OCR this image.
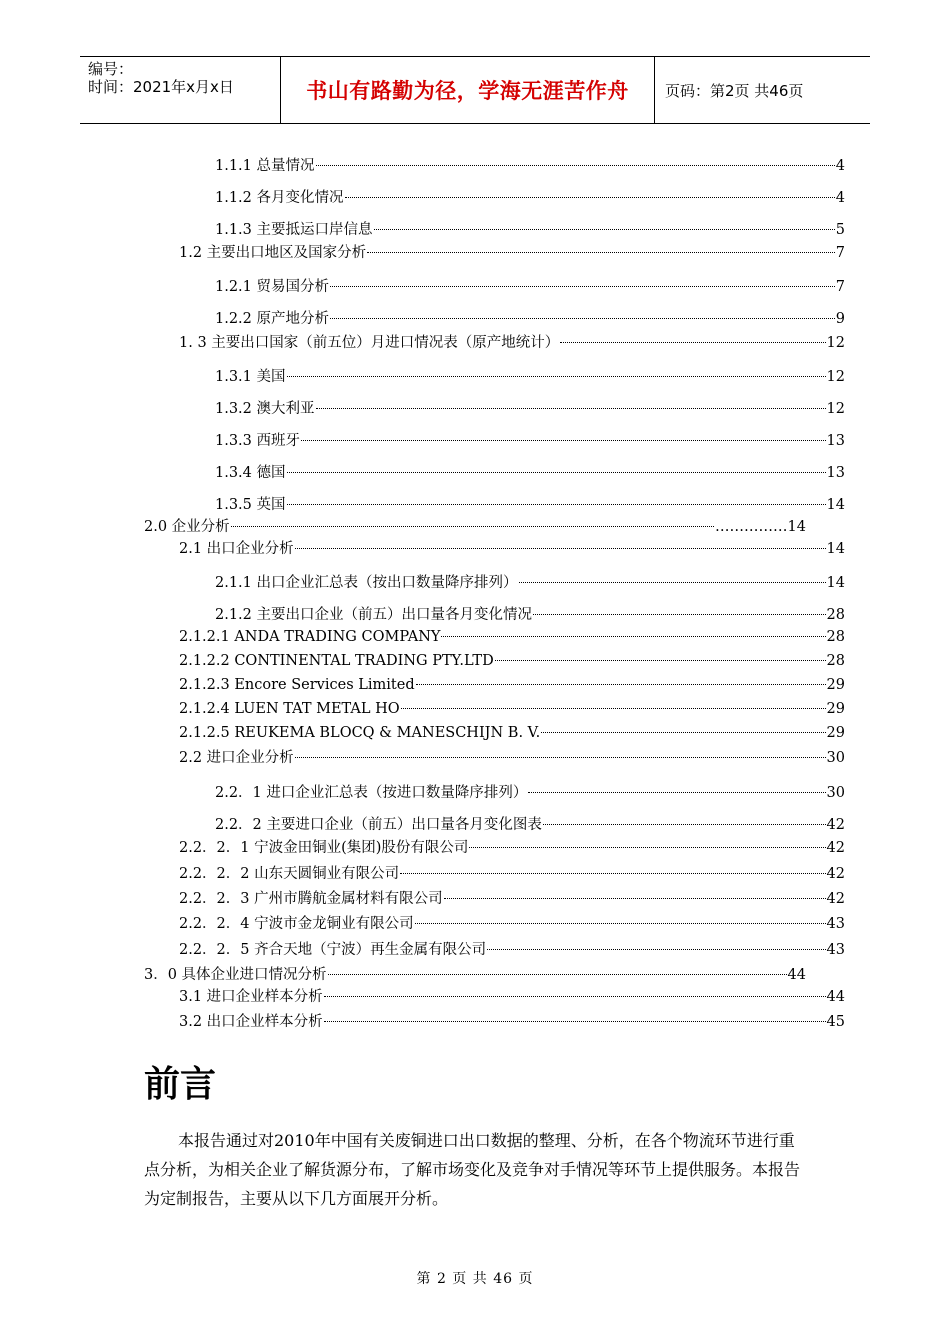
编号：
时间：2021年x月x日	书山有路勤为径，学海无涯苦作舟	页码：第2页 共46页
1.1.1 总量情况	4
1.1.2 各月变化情况	4
1.1.3 主要抵运口岸信息	5
1.2 主要出口地区及国家分析	7
1.2.1 贸易国分析	7
1.2.2 原产地分析	9
1. 3 主要出口国家（前五位）月进口情况表（原产地统计）	12
1.3.1 美国	12
1.3.2 澳大利亚	12
1.3.3 西班牙	13
1.3.4 德国	13
1.3.5 英国	14
2.0 企业分析	……………14
2.1 出口企业分析	14
2.1.1 出口企业汇总表（按出口数量降序排列）	14
2.1.2 主要出口企业（前五）出口量各月变化情况	28
2.1.2.1 ANDA TRADING COMPANY	28
2.1.2.2 CONTINENTAL TRADING PTY.LTD	28
2.1.2.3 Encore Services Limited	29
2.1.2.4 LUEN TAT METAL HO	29
2.1.2.5 REUKEMA BLOCQ & MANESCHIJN B. V.	29
2.2 进口企业分析	30
2.2．1 进口企业汇总表（按进口数量降序排列）	30
2.2．2 主要进口企业（前五）出口量各月变化图表	42
2.2．2．1 宁波金田铜业(集团)股份有限公司	42
2.2．2．2 山东天圆铜业有限公司	42
2.2．2．3 广州市腾航金属材料有限公司	42
2.2．2．4 宁波市金龙铜业有限公司	43
2.2．2．5 齐合天地（宁波）再生金属有限公司	43
3．0 具体企业进口情况分析	44
3.1 进口企业样本分析	44
3.2 出口企业样本分析	45
前言
本报告通过对2010年中国有关废铜进口出口数据的整理、分析，在各个物流环节进行重点分析，为相关企业了解货源分布，了解市场变化及竞争对手情况等环节上提供服务。本报告为定制报告，主要从以下几方面展开分析。
第 2 页 共 46 页
